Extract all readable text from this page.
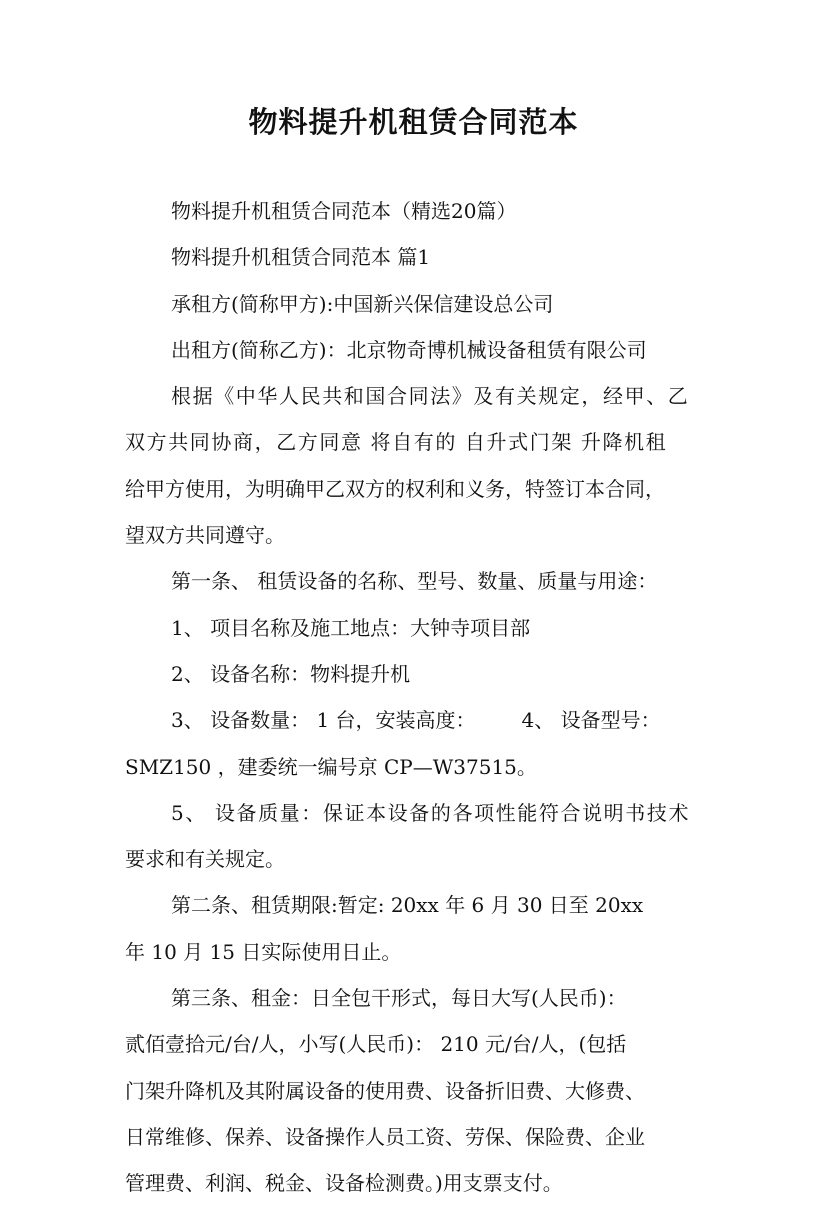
物料提升机租赁合同范本
物料提升机租赁合同范本（精选20篇）
物料提升机租赁合同范本 篇1
承租方(简称甲方):中国新兴保信建设总公司
出租方(简称乙方)：北京物奇博机械设备租赁有限公司
根据《中华人民共和国合同法》及有关规定，经甲、乙
双方共同协商，乙方同意 将自有的 自升式门架 升降机租
给甲方使用，为明确甲乙双方的权利和义务，特签订本合同，
望双方共同遵守。
第一条、 租赁设备的名称、型号、数量、质量与用途：
1、 项目名称及施工地点：大钟寺项目部
2、 设备名称：物料提升机
3、 设备数量： 1 台，安装高度： 4、 设备型号：
SMZ150 ，建委统一编号京 CP—W37515。
5、 设备质量：保证本设备的各项性能符合说明书技术
要求和有关规定。
第二条、租赁期限:暂定: 20xx 年 6 月 30 日至 20xx
年 10 月 15 日实际使用日止。
第三条、租金：日全包干形式，每日大写(人民币)：
贰佰壹拾元/台/人，小写(人民币)： 210 元/台/人，(包括
门架升降机及其附属设备的使用费、设备折旧费、大修费、
日常维修、保养、设备操作人员工资、劳保、保险费、企业
管理费、利润、税金、设备检测费。)用支票支付。
